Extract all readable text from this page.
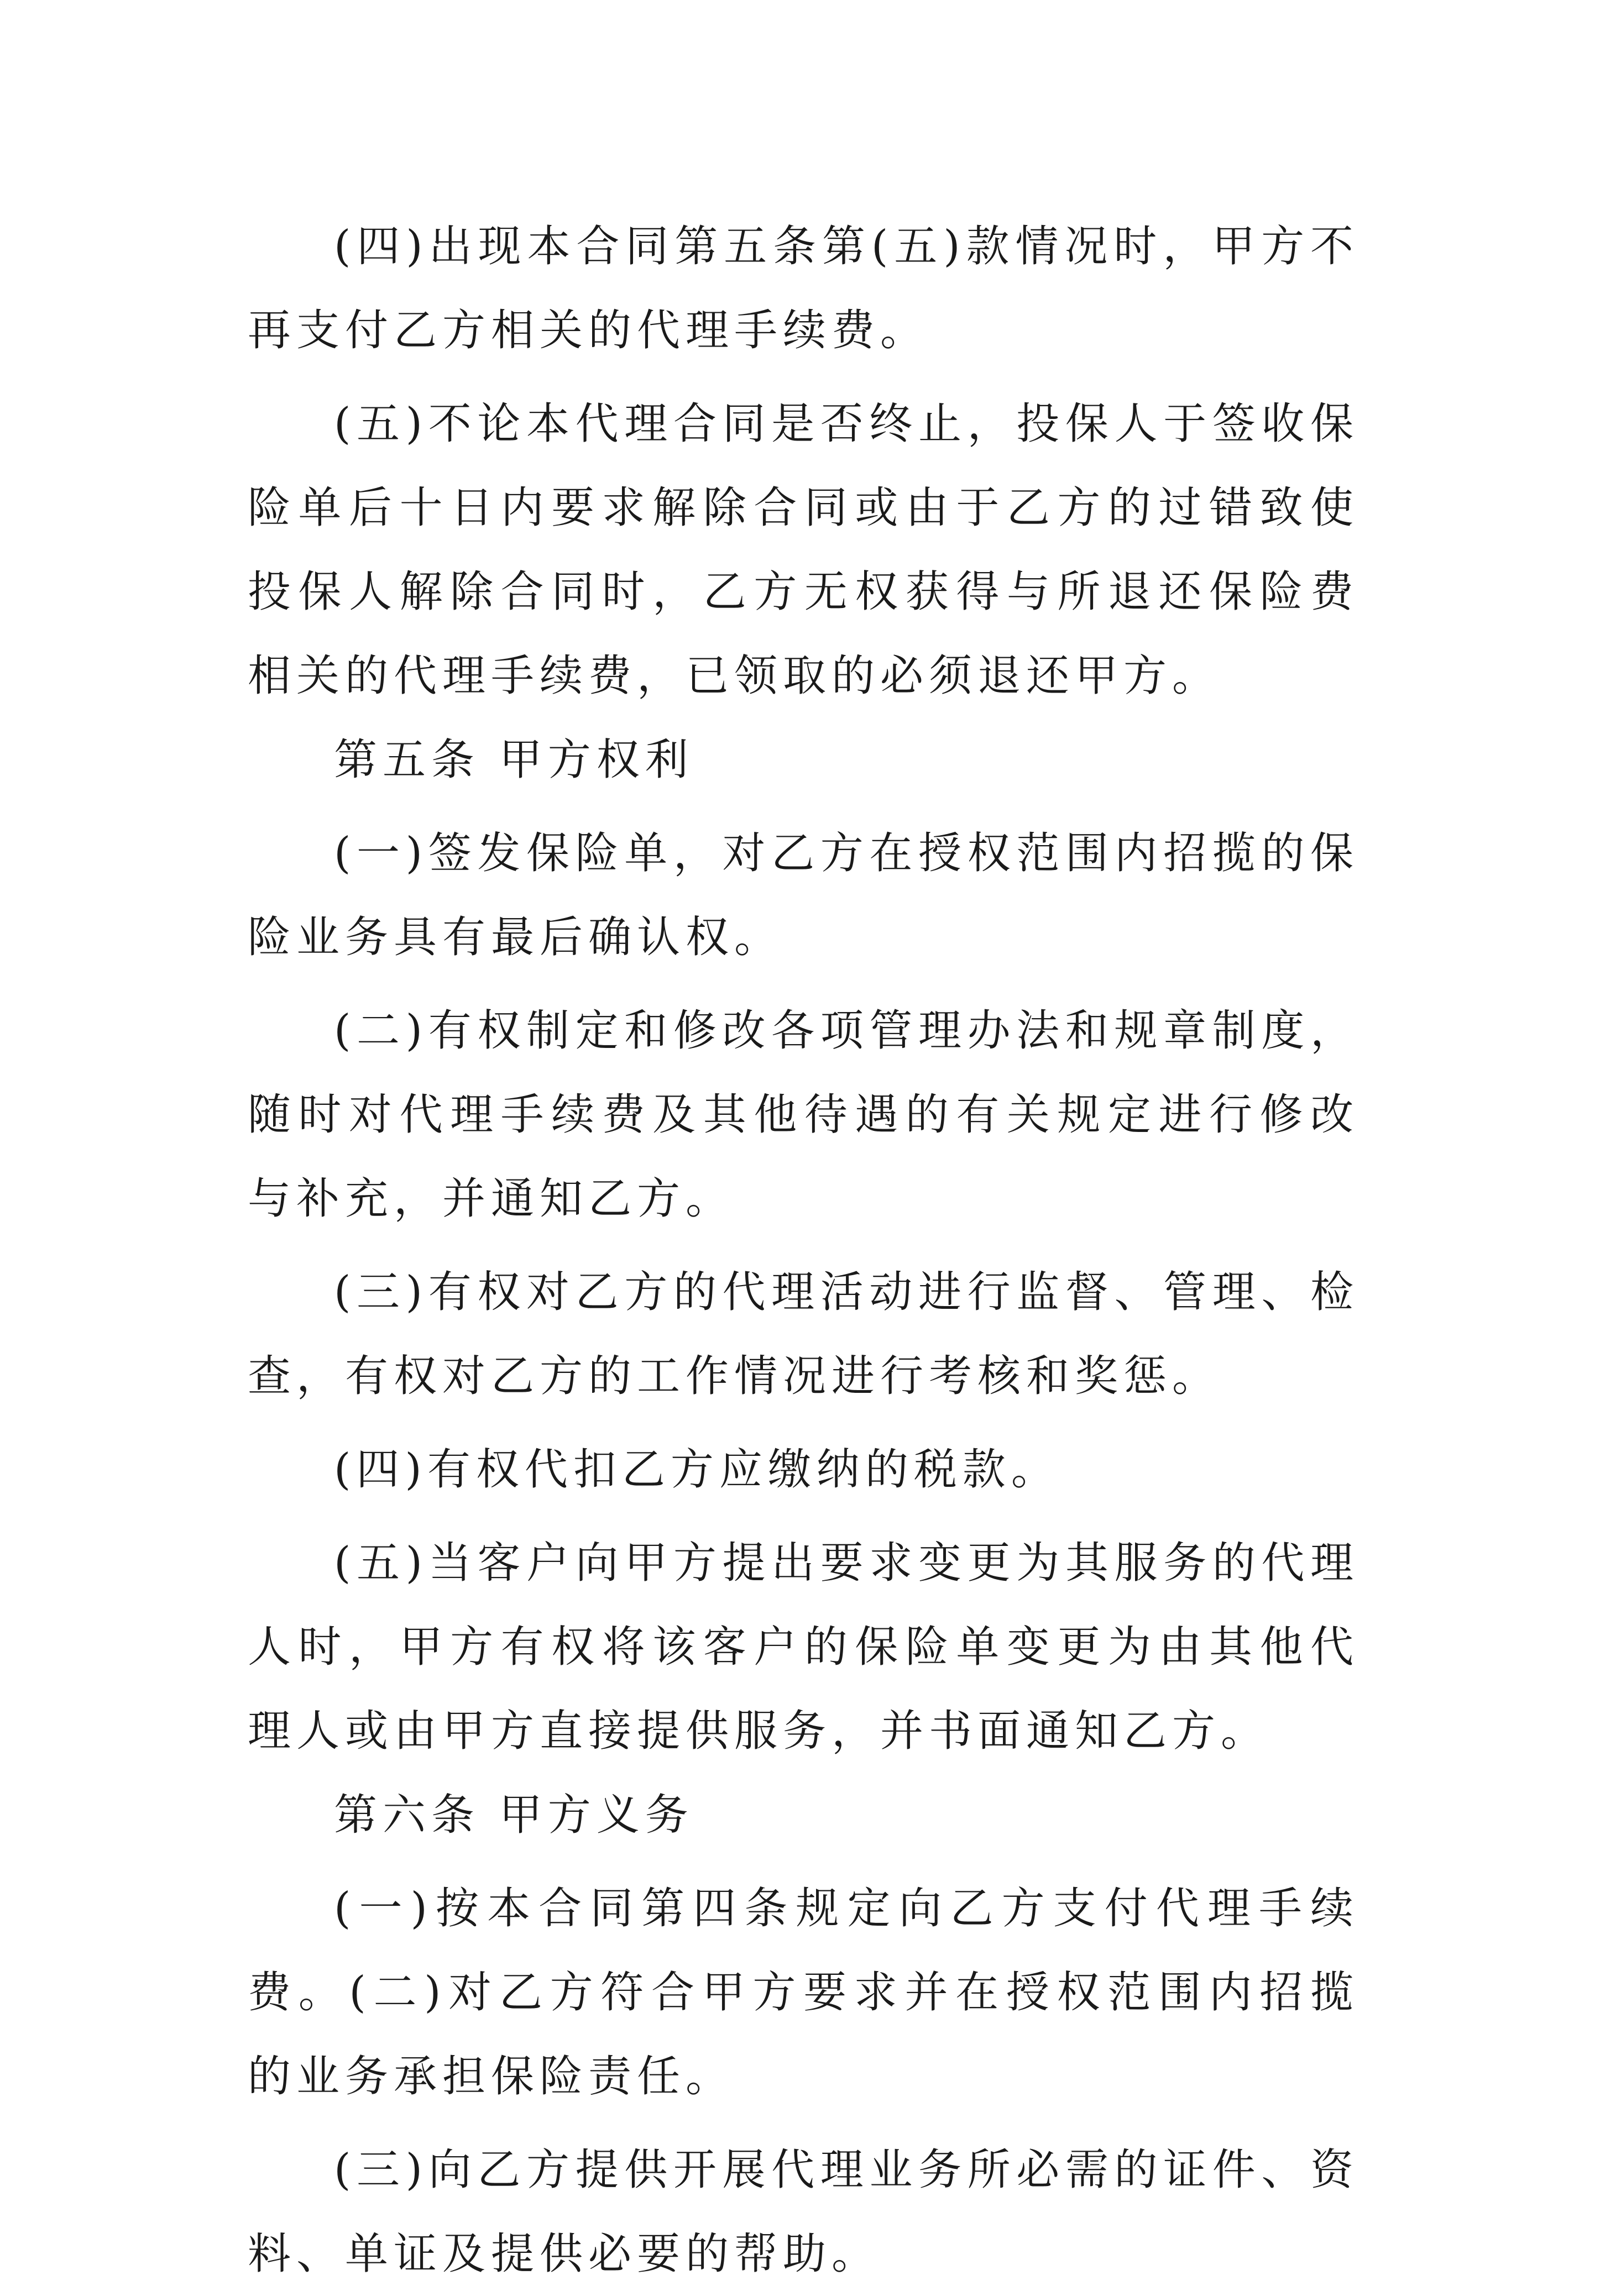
(四)出现本合同第五条第(五)款情况时，甲方不再支付乙方相关的代理手续费。

(五)不论本代理合同是否终止，投保人于签收保险单后十日内要求解除合同或由于乙方的过错致使投保人解除合同时，乙方无权获得与所退还保险费相关的代理手续费，已领取的必须退还甲方。

第五条 甲方权利

(一)签发保险单，对乙方在授权范围内招揽的保险业务具有最后确认权。

(二)有权制定和修改各项管理办法和规章制度，随时对代理手续费及其他待遇的有关规定进行修改与补充，并通知乙方。

(三)有权对乙方的代理活动进行监督、管理、检查，有权对乙方的工作情况进行考核和奖惩。

(四)有权代扣乙方应缴纳的税款。

(五)当客户向甲方提出要求变更为其服务的代理人时，甲方有权将该客户的保险单变更为由其他代理人或由甲方直接提供服务，并书面通知乙方。

第六条 甲方义务

(一)按本合同第四条规定向乙方支付代理手续费。(二)对乙方符合甲方要求并在授权范围内招揽的业务承担保险责任。

(三)向乙方提供开展代理业务所必需的证件、资料、单证及提供必要的帮助。
